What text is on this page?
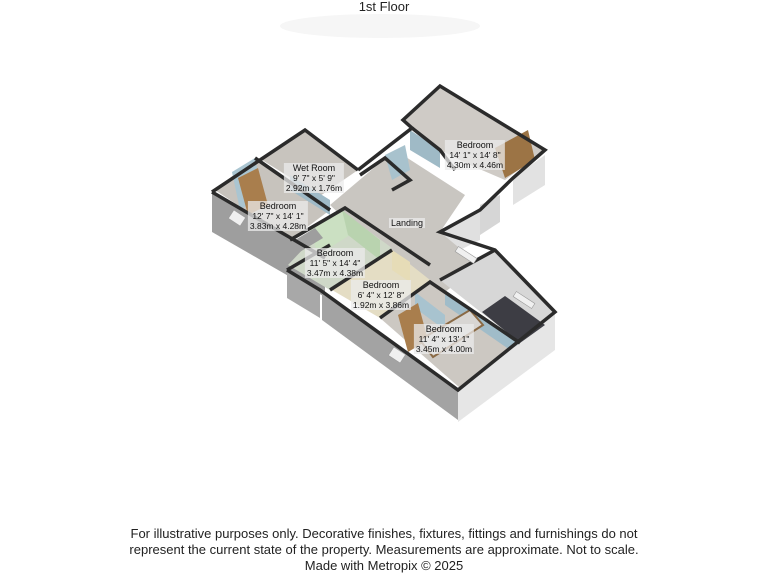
1st Floor
Bedroom
14' 1" x 14' 8"
4.30m x 4.46m
Wet Room
9' 7" x 5' 9"
2.92m x 1.76m
Bedroom
12' 7" x 14' 1"
3.83m x 4.28m	Landing
Bedroom
11' 5" x 14' 4"
3.47m x 4.38m
Bedroom
6' 4" x 12' 8"
1.92m x 3.86m
Bedroom
11' 4" x 13' 1"
3.45m x 4.00m
For illustrative purposes only. Decorative finishes, fixtures, fittings and furnishings do not
represent the current state of the property. Measurements are approximate. Not to scale.
Made with Metropix © 2025
